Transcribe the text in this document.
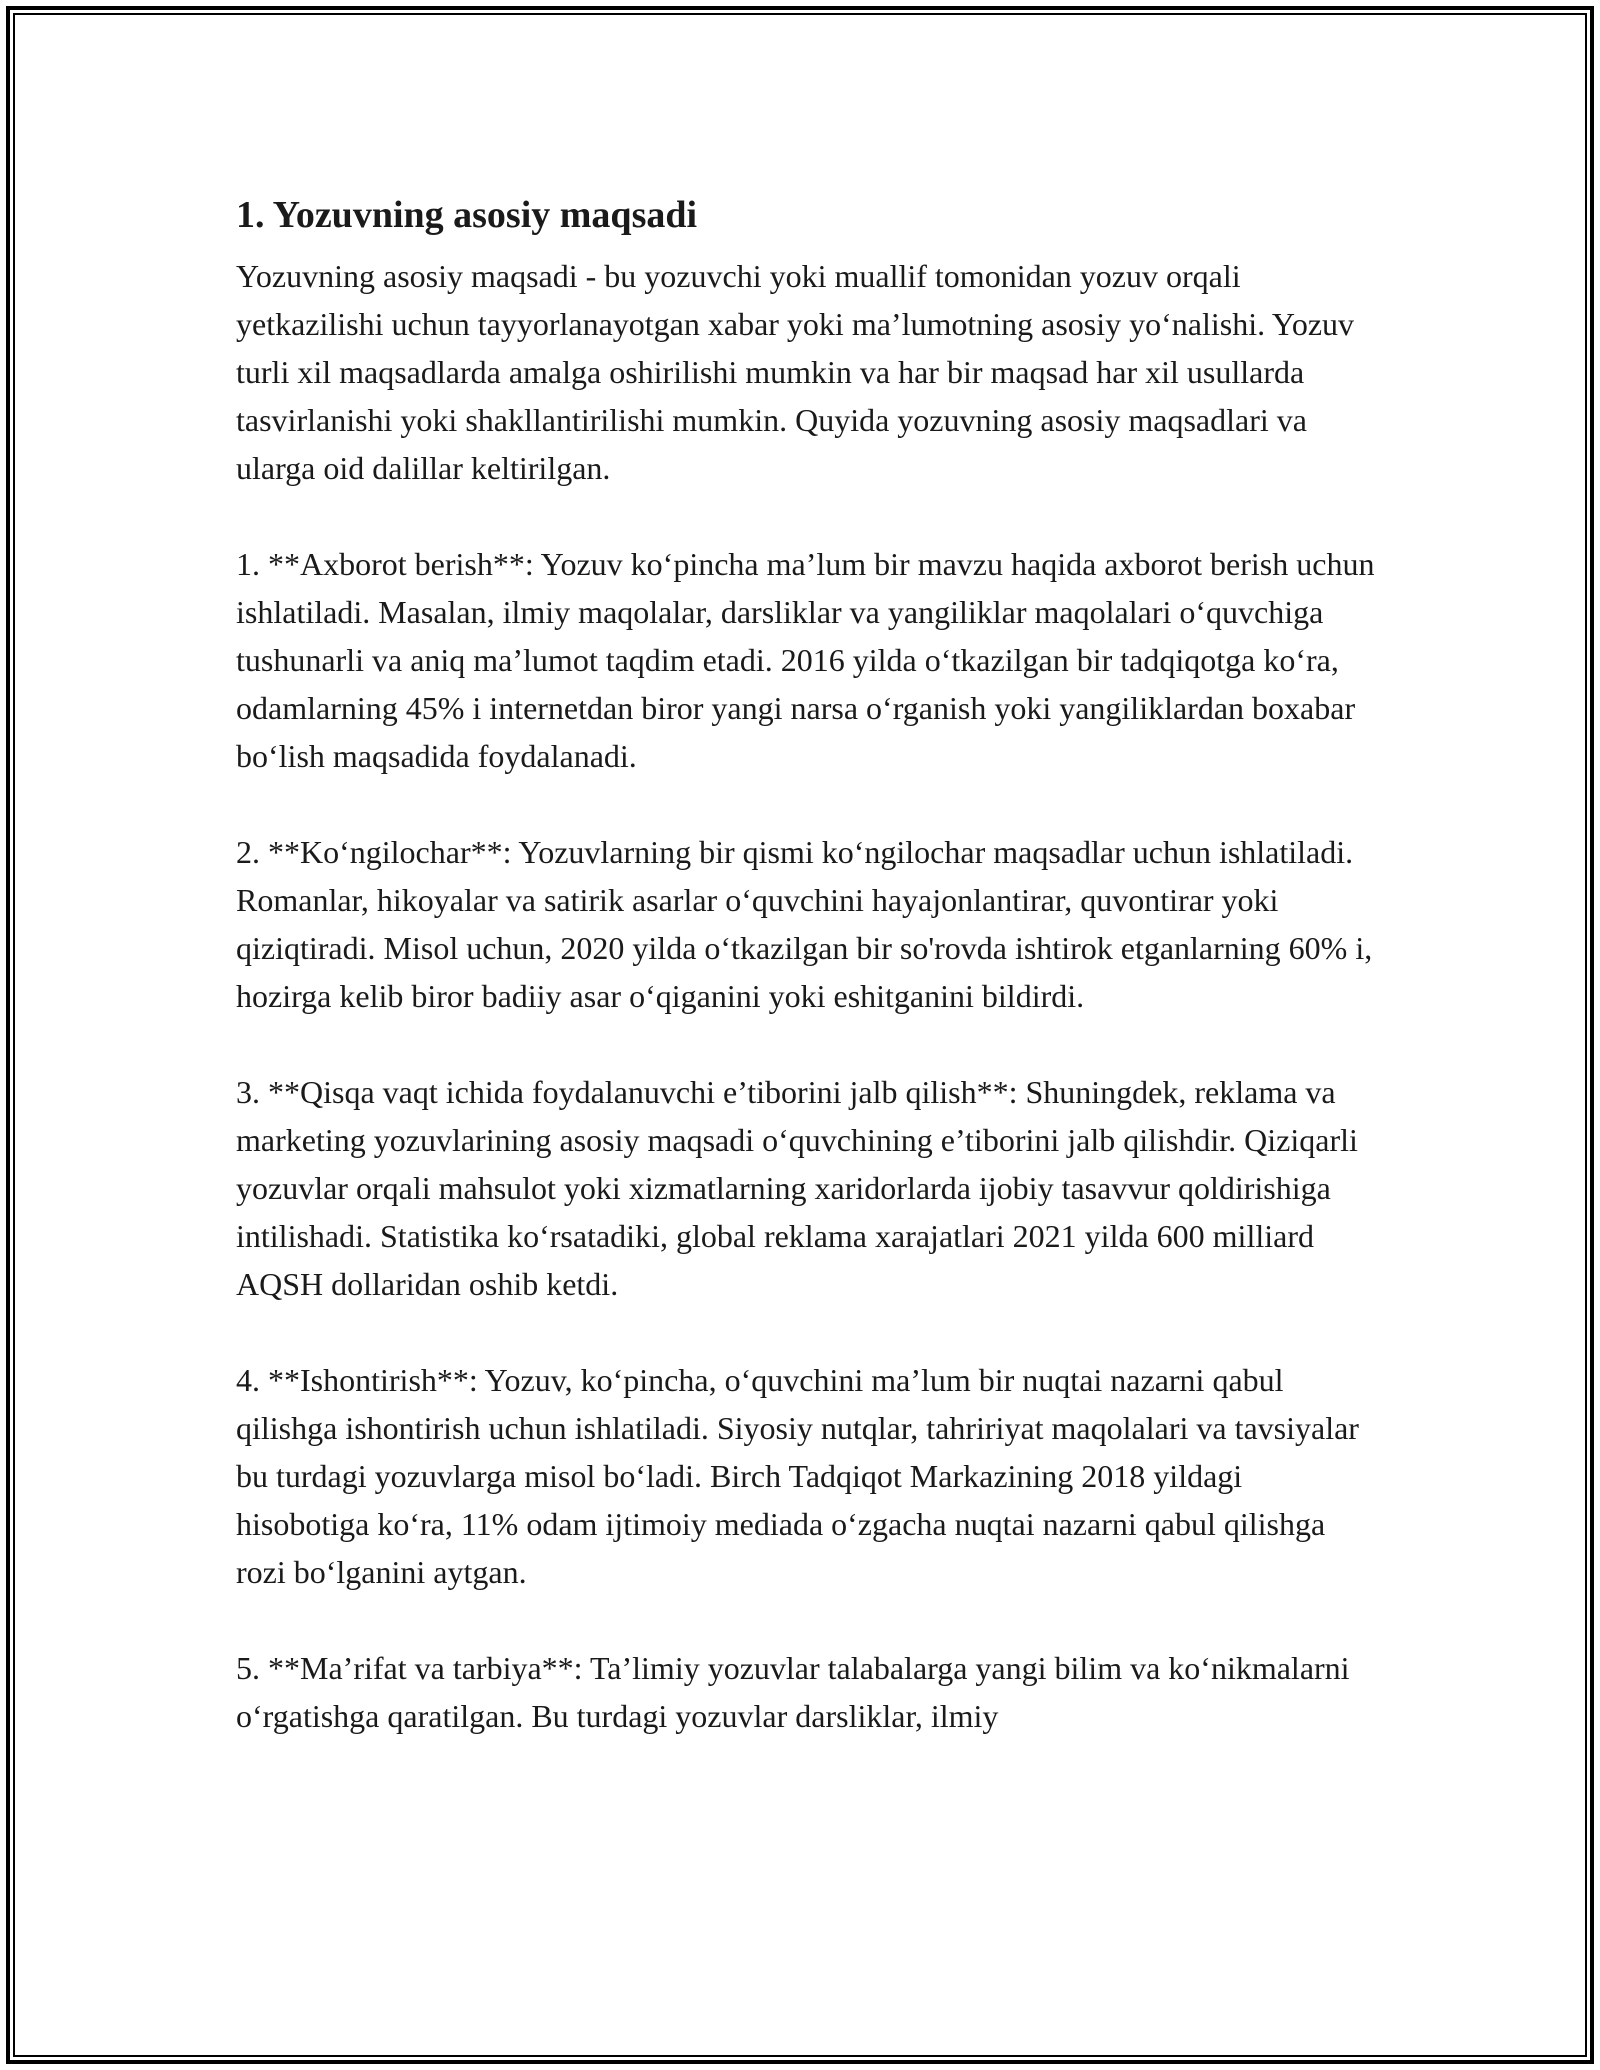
1. Yozuvning asosiy maqsadi

Yozuvning asosiy maqsadi - bu yozuvchi yoki muallif tomonidan yozuv orqali yetkazilishi uchun tayyorlanayotgan xabar yoki ma’lumotning asosiy yo‘nalishi. Yozuv turli xil maqsadlarda amalga oshirilishi mumkin va har bir maqsad har xil usullarda tasvirlanishi yoki shakllantirilishi mumkin. Quyida yozuvning asosiy maqsadlari va ularga oid dalillar keltirilgan.

1. **Axborot berish**: Yozuv ko‘pincha ma’lum bir mavzu haqida axborot berish uchun ishlatiladi. Masalan, ilmiy maqolalar, darsliklar va yangiliklar maqolalari o‘quvchiga tushunarli va aniq ma’lumot taqdim etadi. 2016 yilda o‘tkazilgan bir tadqiqotga ko‘ra, odamlarning 45% i internetdan biror yangi narsa o‘rganish yoki yangiliklardan boxabar bo‘lish maqsadida foydalanadi.

2. **Ko‘ngilochar**: Yozuvlarning bir qismi ko‘ngilochar maqsadlar uchun ishlatiladi. Romanlar, hikoyalar va satirik asarlar o‘quvchini hayajonlantirar, quvontirar yoki qiziqtiradi. Misol uchun, 2020 yilda o‘tkazilgan bir so'rovda ishtirok etganlarning 60% i, hozirga kelib biror badiiy asar o‘qiganini yoki eshitganini bildirdi.

3. **Qisqa vaqt ichida foydalanuvchi e’tiborini jalb qilish**: Shuningdek, reklama va marketing yozuvlarining asosiy maqsadi o‘quvchining e’tiborini jalb qilishdir. Qiziqarli yozuvlar orqali mahsulot yoki xizmatlarning xaridorlarda ijobiy tasavvur qoldirishiga intilishadi. Statistika ko‘rsatadiki, global reklama xarajatlari 2021 yilda 600 milliard AQSH dollaridan oshib ketdi.

4. **Ishontirish**: Yozuv, ko‘pincha, o‘quvchini ma’lum bir nuqtai nazarni qabul qilishga ishontirish uchun ishlatiladi. Siyosiy nutqlar, tahririyat maqolalari va tavsiyalar bu turdagi yozuvlarga misol bo‘ladi. Birch Tadqiqot Markazining 2018 yildagi hisobotiga ko‘ra, 11% odam ijtimoiy mediada o‘zgacha nuqtai nazarni qabul qilishga rozi bo‘lganini aytgan.

5. **Ma’rifat va tarbiya**: Ta’limiy yozuvlar talabalarga yangi bilim va ko‘nikmalarni o‘rgatishga qaratilgan. Bu turdagi yozuvlar darsliklar, ilmiy
